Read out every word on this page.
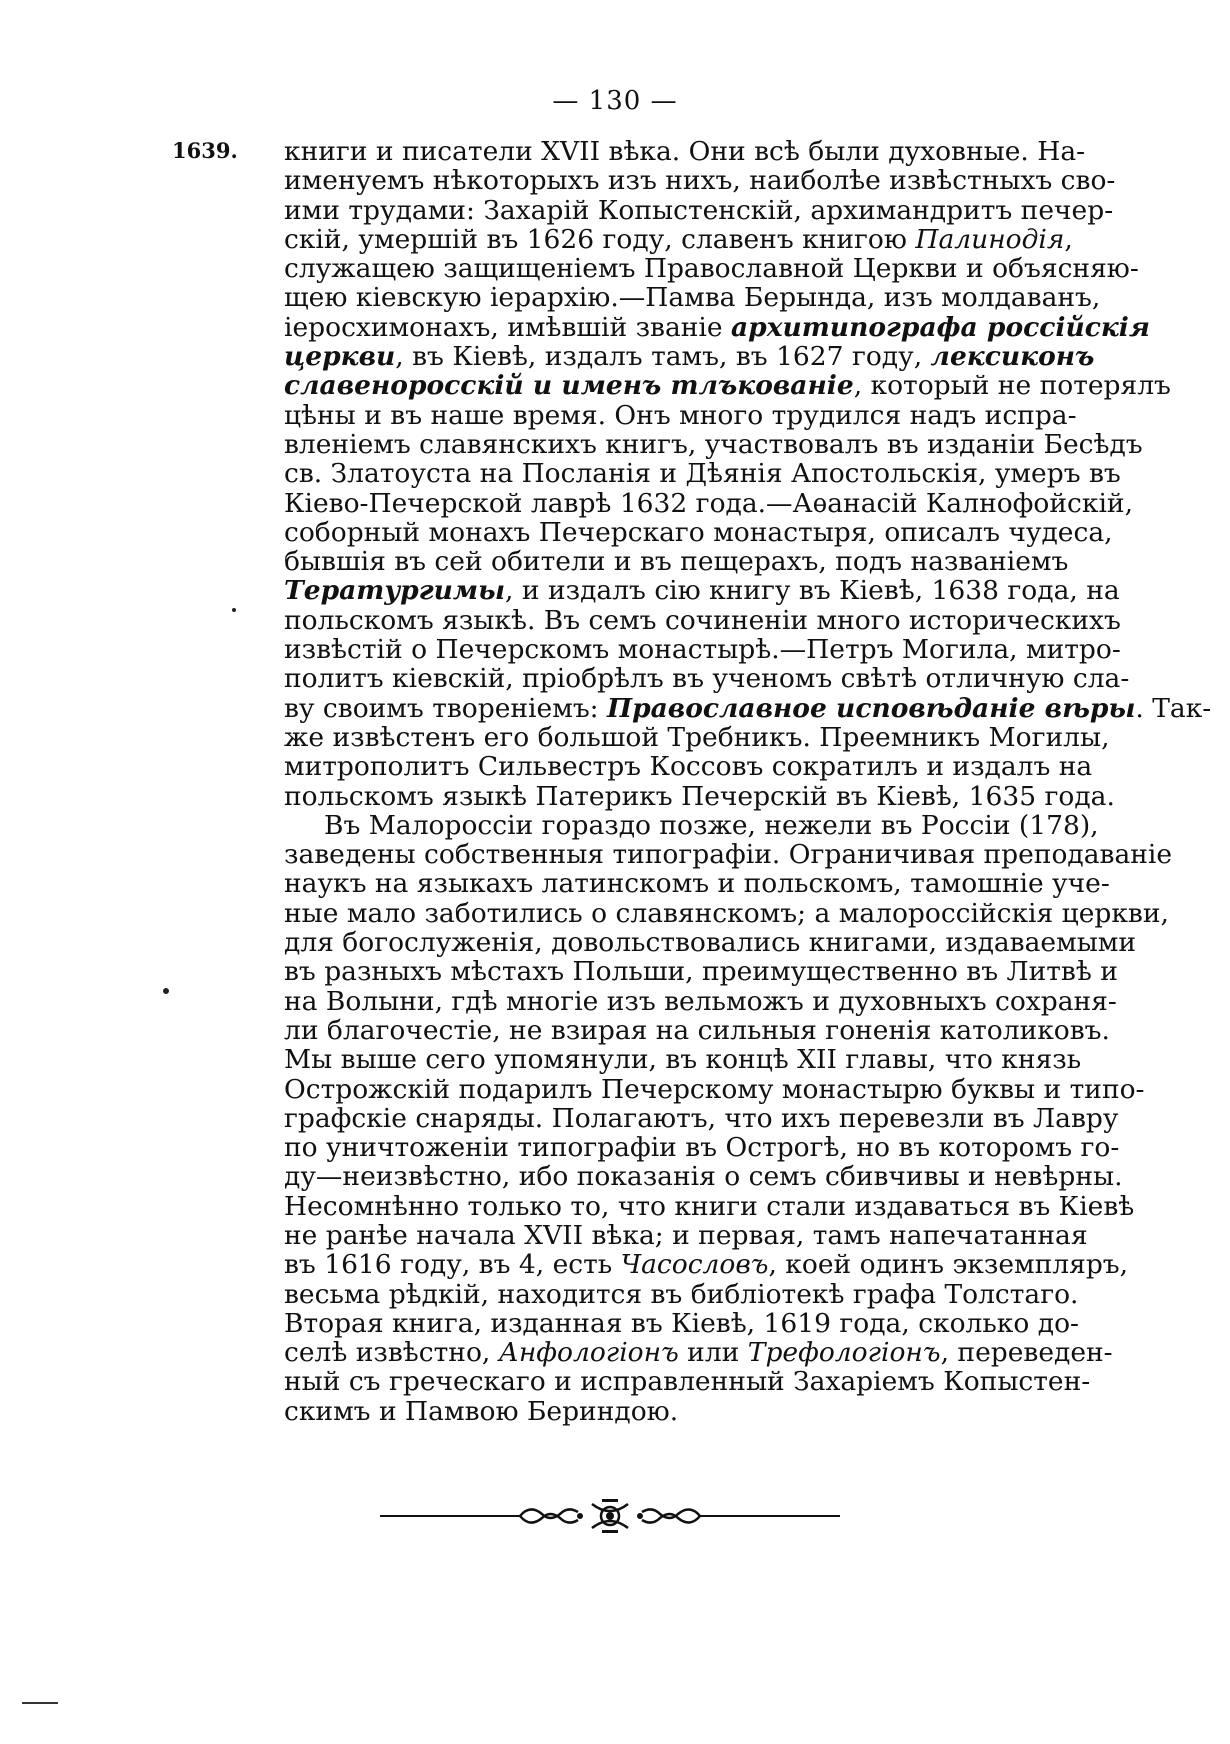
— 130 —
1639. книги и писатели XVII вѣка. Они всѣ были духовные. На-
именуемъ нѣкоторыхъ изъ нихъ, наиболѣе извѣстныхъ сво-
ими трудами: Захарій Копыстенскій, архимандритъ печер-
скій, умершій въ 1626 году, славенъ книгою Палинодія,
служащею защищеніемъ Православной Церкви и объясняю-
щею кіевскую іерархію.—Памва Берында, изъ молдаванъ,
іеросхимонахъ, имѣвшій званіе архитипографа россійскія
церкви, въ Кіевѣ, издалъ тамъ, въ 1627 году, лексиконъ
славеноросскій и именъ тлъкованіе, который не потерялъ
цѣны и въ наше время. Онъ много трудился надъ испра-
вленіемъ славянскихъ книгъ, участвовалъ въ изданіи Бесѣдъ
св. Златоуста на Посланія и Дѣянія Апостольскія, умеръ въ
Кіево-Печерской лаврѣ 1632 года.—Аѳанасій Калнофойскій,
соборный монахъ Печерскаго монастыря, описалъ чудеса,
бывшія въ сей обители и въ пещерахъ, подъ названіемъ
Тератургимы, и издалъ сію книгу въ Кіевѣ, 1638 года, на
польскомъ языкѣ. Въ семъ сочиненіи много историческихъ
извѣстій о Печерскомъ монастырѣ.—Петръ Могила, митро-
политъ кіевскій, пріобрѣлъ въ ученомъ свѣтѣ отличную сла-
ву своимъ твореніемъ: Православное исповѣданіе вѣры. Так-
же извѣстенъ его большой Требникъ. Преемникъ Могилы,
митрополитъ Сильвестръ Коссовъ сократилъ и издалъ на
польскомъ языкѣ Патерикъ Печерскій въ Кіевѣ, 1635 года.
Въ Малороссіи гораздо позже, нежели въ Россіи (178),
заведены собственныя типографіи. Ограничивая преподаваніе
наукъ на языкахъ латинскомъ и польскомъ, тамошніе уче-
ные мало заботились о славянскомъ; а малороссійскія церкви,
для богослуженія, довольствовались книгами, издаваемыми
въ разныхъ мѣстахъ Польши, преимущественно въ Литвѣ и
на Волыни, гдѣ многіе изъ вельможъ и духовныхъ сохраня-
ли благочестіе, не взирая на сильныя гоненія католиковъ.
Мы выше сего упомянули, въ концѣ XII главы, что князь
Острожскій подарилъ Печерскому монастырю буквы и типо-
графскіе снаряды. Полагаютъ, что ихъ перевезли въ Лавру
по уничтоженіи типографіи въ Острогѣ, но въ которомъ го-
ду—неизвѣстно, ибо показанія о семъ сбивчивы и невѣрны.
Несомнѣнно только то, что книги стали издаваться въ Кіевѣ
не ранѣе начала XVII вѣка; и первая, тамъ напечатанная
въ 1616 году, въ 4, есть Часословъ, коей одинъ экземпляръ,
весьма рѣдкій, находится въ библіотекѣ графа Толстаго.
Вторая книга, изданная въ Кіевѣ, 1619 года, сколько до-
селѣ извѣстно, Анфологіонъ или Трефологіонъ, переведен-
ный съ греческаго и исправленный Захаріемъ Копыстен-
скимъ и Памвою Бериндою.
